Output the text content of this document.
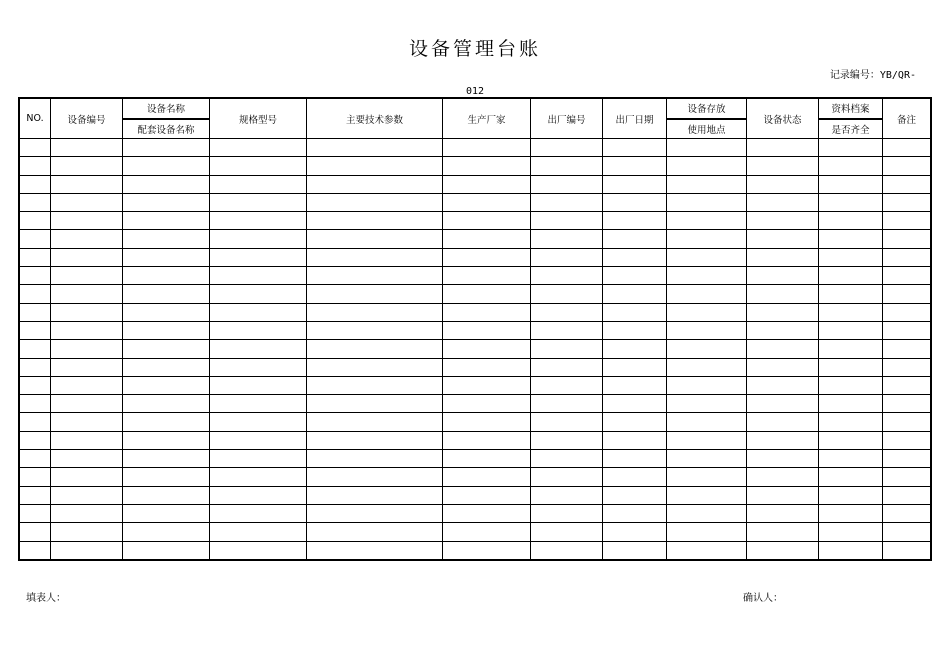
设备管理台账
记录编号：YB/QR-
012
NO.	设备编号	设备名称	规格型号	主要技术参数	生产厂家	出厂编号	出厂日期	设备存放	设备状态	资料档案	备注
		配套设备名称						使用地点		是否齐全	

填表人：	确认人：
